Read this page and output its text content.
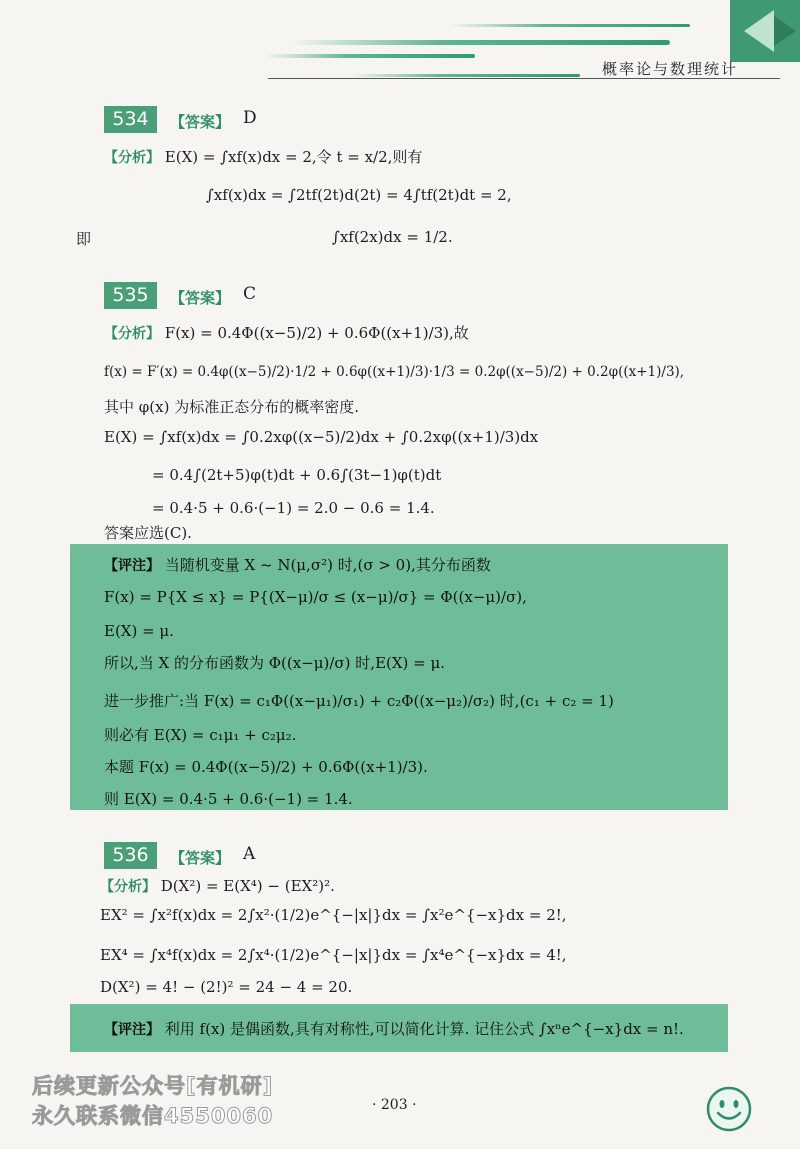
概率论与数理统计
534	【答案】 D
【分析】 E(X) = ∫xf(x)dx = 2,令 t = x/2,则有
∫xf(x)dx = ∫2tf(2t)d(2t) = 4∫tf(2t)dt = 2,
即	∫xf(2x)dx = 1/2.
535	【答案】 C
【分析】 F(x) = 0.4Φ((x−5)/2) + 0.6Φ((x+1)/3),故
f(x) = F′(x) = 0.4φ((x−5)/2)·1/2 + 0.6φ((x+1)/3)·1/3 = 0.2φ((x−5)/2) + 0.2φ((x+1)/3),
其中 φ(x) 为标准正态分布的概率密度.
E(X) = ∫xf(x)dx = ∫0.2xφ((x−5)/2)dx + ∫0.2xφ((x+1)/3)dx
= 0.4∫(2t+5)φ(t)dt + 0.6∫(3t−1)φ(t)dt
= 0.4·5 + 0.6·(−1) = 2.0 − 0.6 = 1.4.
答案应选(C).
【评注】 当随机变量 X ~ N(μ,σ²) 时,(σ > 0),其分布函数
F(x) = P{X ≤ x} = P{(X−μ)/σ ≤ (x−μ)/σ} = Φ((x−μ)/σ),
E(X) = μ.
所以,当 X 的分布函数为 Φ((x−μ)/σ) 时,E(X) = μ.
进一步推广:当 F(x) = c₁Φ((x−μ₁)/σ₁) + c₂Φ((x−μ₂)/σ₂) 时,(c₁ + c₂ = 1)
则必有 E(X) = c₁μ₁ + c₂μ₂.
本题 F(x) = 0.4Φ((x−5)/2) + 0.6Φ((x+1)/3).
则 E(X) = 0.4·5 + 0.6·(−1) = 1.4.
536	【答案】 A
【分析】 D(X²) = E(X⁴) − (EX²)².
EX² = ∫x²f(x)dx = 2∫x²·(1/2)e^{−|x|}dx = ∫x²e^{−x}dx = 2!,
EX⁴ = ∫x⁴f(x)dx = 2∫x⁴·(1/2)e^{−|x|}dx = ∫x⁴e^{−x}dx = 4!,
D(X²) = 4! − (2!)² = 24 − 4 = 20.
【评注】 利用 f(x) 是偶函数,具有对称性,可以简化计算. 记住公式 ∫xⁿe^{−x}dx = n!.
后续更新公众号[有机研]
永久联系微信4550060	· 203 ·
